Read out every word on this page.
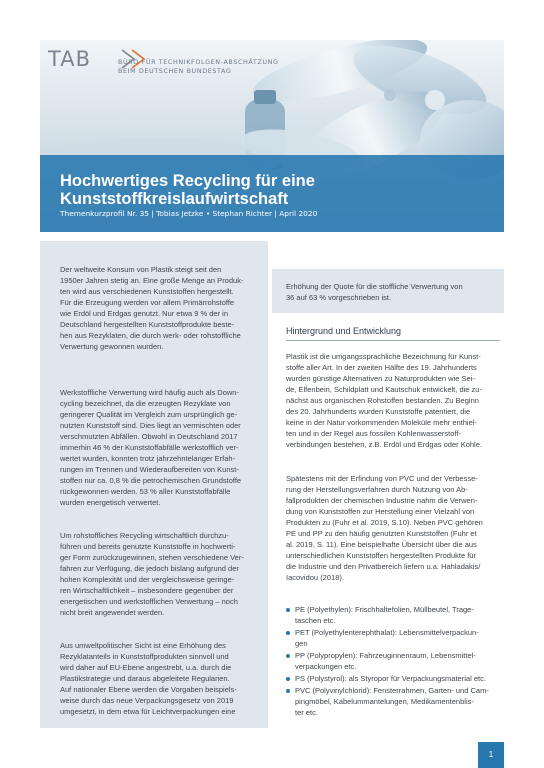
TAB	BÜRO FÜR TECHNIKFOLGEN-ABSCHÄTZUNG
BEIM DEUTSCHEN BUNDESTAG
Hochwertiges Recycling für eine
Kunststoffkreislaufwirtschaft
Themenkurzprofil Nr. 35 | Tobias Jetzke • Stephan Richter | April 2020
Der weltweite Konsum von Plastik steigt seit den
1950er Jahren stetig an. Eine große Menge an Produk-
ten wird aus verschiedenen Kunststoffen hergestellt.
Für die Erzeugung werden vor allem Primärrohstoffe
wie Erdöl und Erdgas genutzt. Nur etwa 9 % der in
Deutschland hergestellten Kunststoffprodukte beste-
hen aus Rezyklaten, die durch werk- oder rohstoffliche
Verwertung gewonnen wurden.
Werkstoffliche Verwertung wird häufig auch als Down-
cycling bezeichnet, da die erzeugten Rezyklate von
geringerer Qualität im Vergleich zum ursprünglich ge-
nutzten Kunststoff sind. Dies liegt an vermischten oder
verschmutzten Abfällen. Obwohl in Deutschland 2017
immerhin 46 % der Kunststoffabfälle werkstofflich ver-
wertet wurden, konnten trotz jahrzehntelanger Erfah-
rungen im Trennen und Wiederaufbereiten von Kunst-
stoffen nur ca. 0,8 % die petrochemischen Grundstoffe
rückgewonnen werden. 53 % aller Kunststoffabfälle
wurden energetisch verwertet.
Um rohstoffliches Recycling wirtschaftlich durchzu-
führen und bereits genutzte Kunststoffe in hochwerti-
ger Form zurückzugewinnen, stehen verschiedene Ver-
fahren zur Verfügung, die jedoch bislang aufgrund der
hohen Komplexität und der vergleichsweise geringe-
ren Wirtschaftlichkeit – insbesondere gegenüber der
energetischen und werkstofflichen Verwertung – noch
nicht breit angewendet werden.
Aus umweltpolitischer Sicht ist eine Erhöhung des
Rezyklatanteils in Kunststoffprodukten sinnvoll und
wird daher auf EU-Ebene angestrebt, u.a. durch die
Plastikstrategie und daraus abgeleitete Regularien.
Auf nationaler Ebene werden die Vorgaben beispiels-
weise durch das neue Verpackungsgesetz von 2019
umgesetzt, in dem etwa für Leichtverpackungen eine
Erhöhung der Quote für die stoffliche Verwertung von
36 auf 63 % vorgeschrieben ist.
Hintergrund und Entwicklung
Plastik ist die umgangssprachliche Bezeichnung für Kunst-
stoffe aller Art. In der zweiten Hälfte des 19. Jahrhunderts
wurden günstige Alternativen zu Naturprodukten wie Sei-
de, Elfenbein, Schildplatt und Kautschuk entwickelt, die zu-
nächst aus organischen Rohstoffen bestanden. Zu Beginn
des 20. Jahrhunderts wurden Kunststoffe patentiert, die
keine in der Natur vorkommenden Moleküle mehr enthiel-
ten und in der Regel aus fossilen Kohlenwasserstoff-
verbindungen bestehen, z.B. Erdöl und Erdgas oder Kohle.
Spätestens mit der Erfindung von PVC und der Verbesse-
rung der Herstellungsverfahren durch Nutzung von Ab-
fallprodukten der chemischen Industrie nahm die Verwen-
dung von Kunststoffen zur Herstellung einer Vielzahl von
Produkten zu (Fuhr et al. 2019, S.10). Neben PVC gehören
PE und PP zu den häufig genutzten Kunststoffen (Fuhr et
al. 2019, S. 11). Eine beispielhafte Übersicht über die aus
unterschiedlichen Kunststoffen hergestellten Produkte für
die Industrie und den Privatbereich liefern u.a. Hahladakis/
Iacovidou (2018).
PE (Polyethylen): Frischhaltefolien, Müllbeutel, Trage-
taschen etc.
PET (Polyethylenterephthalat): Lebensmittelverpackun-
gen
PP (Polypropylen): Fahrzeuginnenraum, Lebensmittel-
verpackungen etc.
PS (Polystyrol): als Styropor für Verpackungsmaterial etc.
PVC (Polyvinylchlorid): Fensterrahmen, Garten- und Cam-
pingmöbel, Kabelummantelungen, Medikamentenblis-
ter etc.
1
